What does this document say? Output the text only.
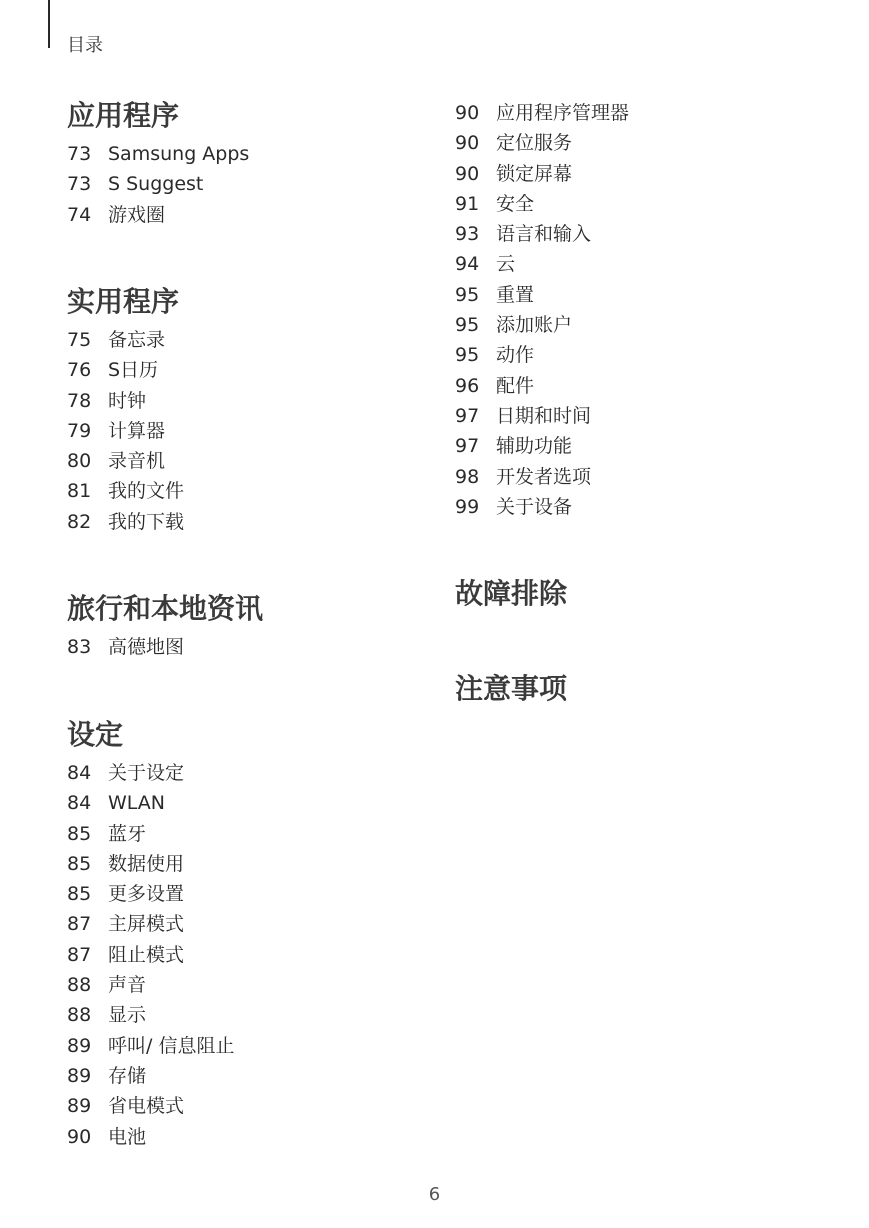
目录
应用程序
73 Samsung Apps
73 S Suggest
74 游戏圈
实用程序
75 备忘录
76 S日历
78 时钟
79 计算器
80 录音机
81 我的文件
82 我的下载
旅行和本地资讯
83 高德地图
设定
84 关于设定
84 WLAN
85 蓝牙
85 数据使用
85 更多设置
87 主屏模式
87 阻止模式
88 声音
88 显示
89 呼叫/ 信息阻止
89 存储
89 省电模式
90 电池
90 应用程序管理器
90 定位服务
90 锁定屏幕
91 安全
93 语言和输入
94 云
95 重置
95 添加账户
95 动作
96 配件
97 日期和时间
97 辅助功能
98 开发者选项
99 关于设备
故障排除
注意事项
6
